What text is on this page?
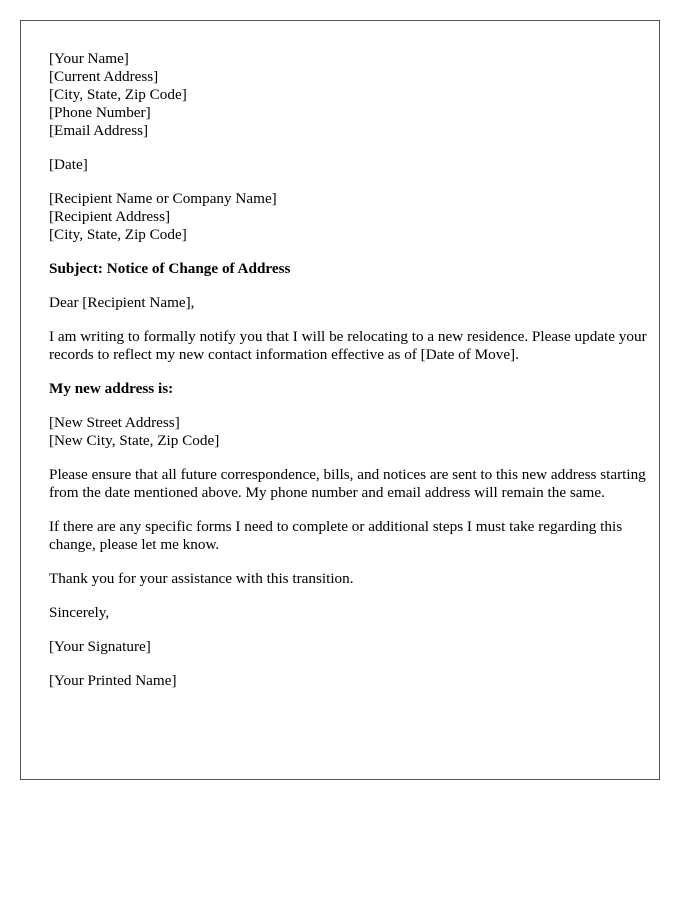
[Your Name]
[Current Address]
[City, State, Zip Code]
[Phone Number]
[Email Address]
[Date]
[Recipient Name or Company Name]
[Recipient Address]
[City, State, Zip Code]
Subject: Notice of Change of Address
Dear [Recipient Name],
I am writing to formally notify you that I will be relocating to a new residence. Please update your records to reflect my new contact information effective as of [Date of Move].
My new address is:
[New Street Address]
[New City, State, Zip Code]
Please ensure that all future correspondence, bills, and notices are sent to this new address starting from the date mentioned above. My phone number and email address will remain the same.
If there are any specific forms I need to complete or additional steps I must take regarding this change, please let me know.
Thank you for your assistance with this transition.
Sincerely,
[Your Signature]
[Your Printed Name]
